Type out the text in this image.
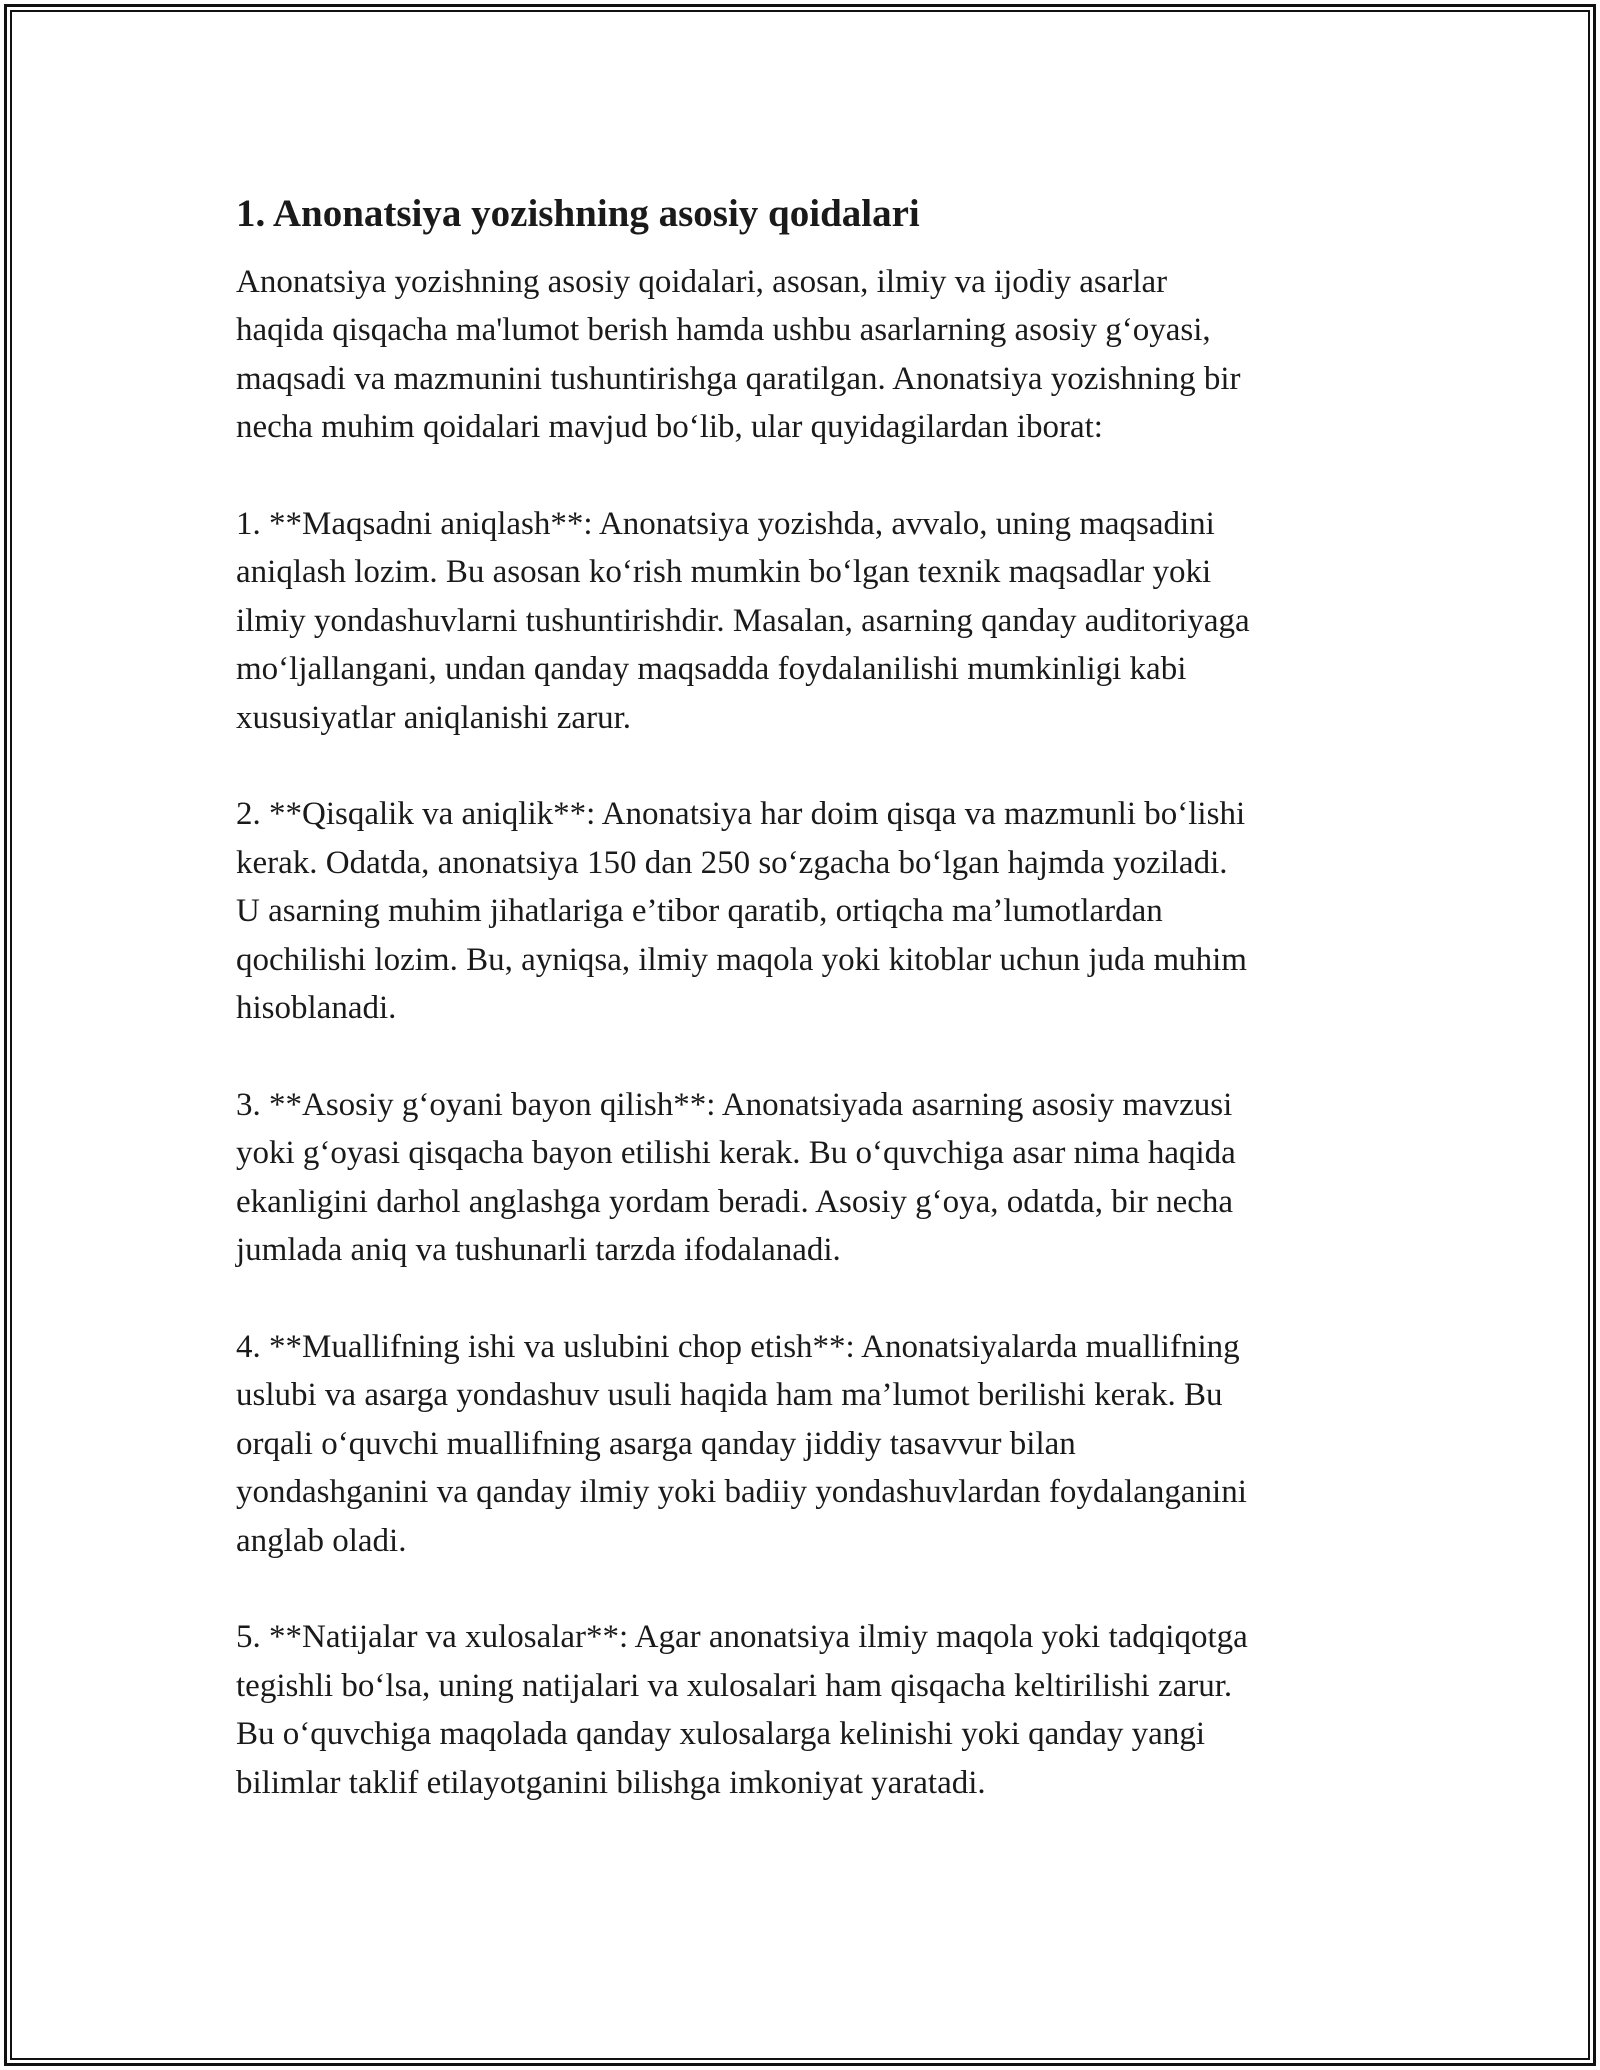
1. Anonatsiya yozishning asosiy qoidalari
Anonatsiya yozishning asosiy qoidalari, asosan, ilmiy va ijodiy asarlar
haqida qisqacha ma'lumot berish hamda ushbu asarlarning asosiy g‘oyasi,
maqsadi va mazmunini tushuntirishga qaratilgan. Anonatsiya yozishning bir
necha muhim qoidalari mavjud bo‘lib, ular quyidagilardan iborat:
1. **Maqsadni aniqlash**: Anonatsiya yozishda, avvalo, uning maqsadini
aniqlash lozim. Bu asosan ko‘rish mumkin bo‘lgan texnik maqsadlar yoki
ilmiy yondashuvlarni tushuntirishdir. Masalan, asarning qanday auditoriyaga
mo‘ljallangani, undan qanday maqsadda foydalanilishi mumkinligi kabi
xususiyatlar aniqlanishi zarur.
2. **Qisqalik va aniqlik**: Anonatsiya har doim qisqa va mazmunli bo‘lishi
kerak. Odatda, anonatsiya 150 dan 250 so‘zgacha bo‘lgan hajmda yoziladi.
U asarning muhim jihatlariga e’tibor qaratib, ortiqcha ma’lumotlardan
qochilishi lozim. Bu, ayniqsa, ilmiy maqola yoki kitoblar uchun juda muhim
hisoblanadi.
3. **Asosiy g‘oyani bayon qilish**: Anonatsiyada asarning asosiy mavzusi
yoki g‘oyasi qisqacha bayon etilishi kerak. Bu o‘quvchiga asar nima haqida
ekanligini darhol anglashga yordam beradi. Asosiy g‘oya, odatda, bir necha
jumlada aniq va tushunarli tarzda ifodalanadi.
4. **Muallifning ishi va uslubini chop etish**: Anonatsiyalarda muallifning
uslubi va asarga yondashuv usuli haqida ham ma’lumot berilishi kerak. Bu
orqali o‘quvchi muallifning asarga qanday jiddiy tasavvur bilan
yondashganini va qanday ilmiy yoki badiiy yondashuvlardan foydalanganini
anglab oladi.
5. **Natijalar va xulosalar**: Agar anonatsiya ilmiy maqola yoki tadqiqotga
tegishli bo‘lsa, uning natijalari va xulosalari ham qisqacha keltirilishi zarur.
Bu o‘quvchiga maqolada qanday xulosalarga kelinishi yoki qanday yangi
bilimlar taklif etilayotganini bilishga imkoniyat yaratadi.
